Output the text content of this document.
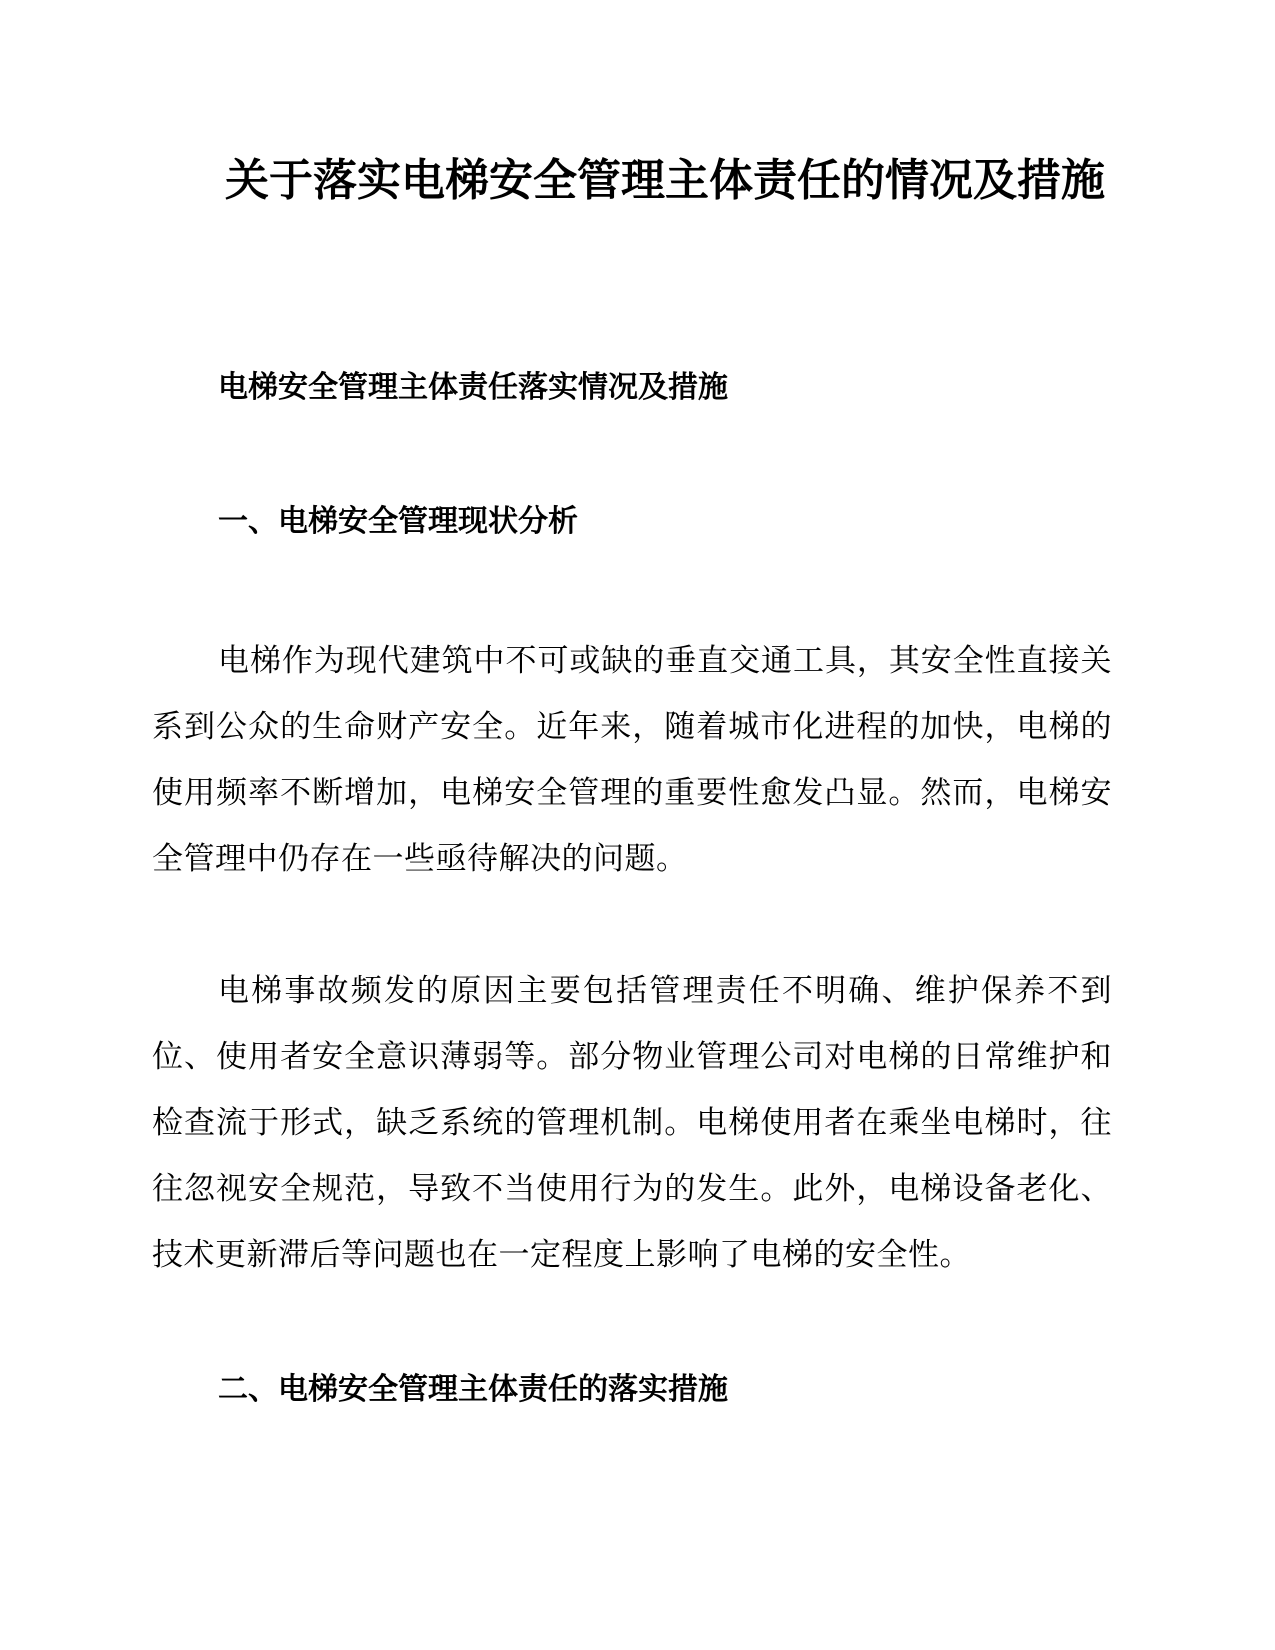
关于落实电梯安全管理主体责任的情况及措施
电梯安全管理主体责任落实情况及措施
一、电梯安全管理现状分析

电梯作为现代建筑中不可或缺的垂直交通工具，其安全性直接关系到公众的生命财产安全。近年来，随着城市化进程的加快，电梯的使用频率不断增加，电梯安全管理的重要性愈发凸显。然而，电梯安全管理中仍存在一些亟待解决的问题。

电梯事故频发的原因主要包括管理责任不明确、维护保养不到位、使用者安全意识薄弱等。部分物业管理公司对电梯的日常维护和检查流于形式，缺乏系统的管理机制。电梯使用者在乘坐电梯时，往往忽视安全规范，导致不当使用行为的发生。此外，电梯设备老化、技术更新滞后等问题也在一定程度上影响了电梯的安全性。

二、电梯安全管理主体责任的落实措施
